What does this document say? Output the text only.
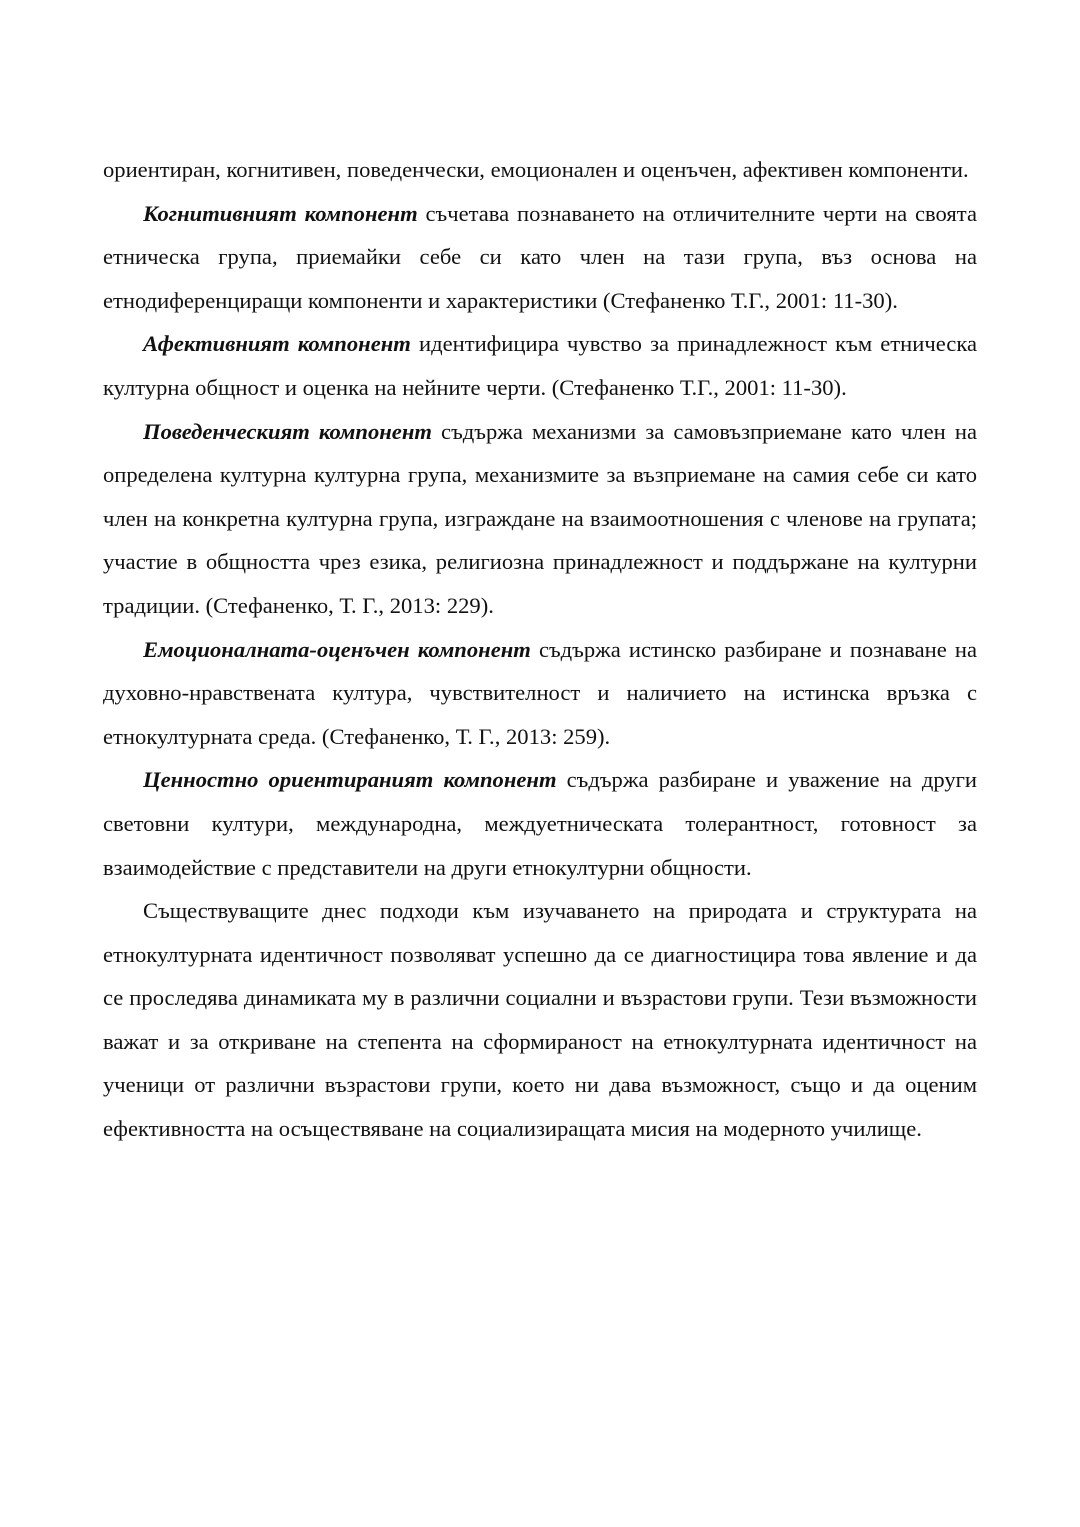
ориентиран, когнитивен, поведенчески, емоционален и оценъчен, афективен компоненти.

Когнитивният компонент съчетава познаването на отличителните черти на своята етническа група, приемайки себе си като член на тази група, въз основа на етнодиференциращи компоненти и характеристики (Стефаненко Т.Г., 2001: 11-30).

Афективният компонент идентифицира чувство за принадлежност към етническа културна общност и оценка на нейните черти. (Стефаненко Т.Г., 2001: 11-30).

Поведенческият компонент съдържа механизми за самовъзприемане като член на определена културна културна група, механизмите за възприемане на самия себе си като член на конкретна културна група, изграждане на взаимоотношения с членове на групата; участие в общността чрез езика, религиозна принадлежност и поддържане на културни традиции. (Стефаненко, Т. Г., 2013: 229).

Емоционалната-оценъчен компонент съдържа истинско разбиране и познаване на духовно-нравствената култура, чувствителност и наличието на истинска връзка с етнокултурната среда. (Стефаненко, Т. Г., 2013: 259).

Ценностно ориентираният компонент съдържа разбиране и уважение на други световни култури, международна, междуетническата толерантност, готовност за взаимодействие с представители на други етнокултурни общности.

Съществуващите днес подходи към изучаването на природата и структурата на етнокултурната идентичност позволяват успешно да се диагностицира това явление и да се проследява динамиката му в различни социални и възрастови групи. Тези възможности важат и за откриване на степента на сформираност на етнокултурната идентичност на ученици от различни възрастови групи, което ни дава възможност, също и да оценим ефективността на осъществяване на социализиращата мисия на модерното училище.
